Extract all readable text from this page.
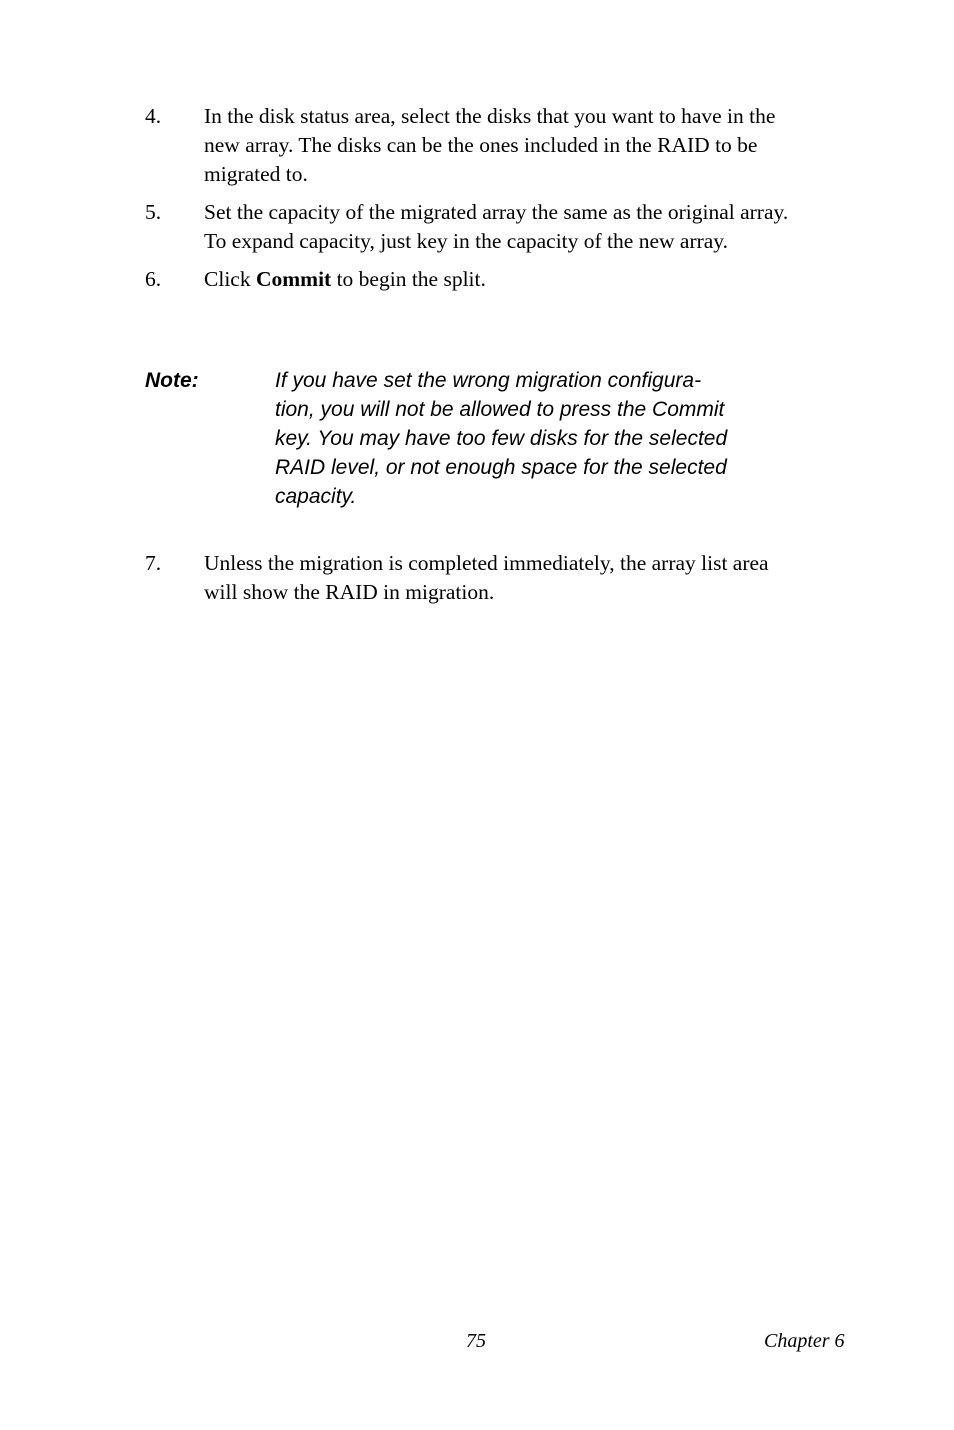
4.	In the disk status area, select the disks that you want to have in the
new array. The disks can be the ones included in the RAID to be
migrated to.
5.	Set the capacity of the migrated array the same as the original array.
To expand capacity, just key in the capacity of the new array.
6.	Click Commit to begin the split.
Note:	If you have set the wrong migration configura-
tion, you will not be allowed to press the Commit
key. You may have too few disks for the selected
RAID level, or not enough space for the selected
capacity.
7.	Unless the migration is completed immediately, the array list area
will show the RAID in migration.
75	Chapter 6
